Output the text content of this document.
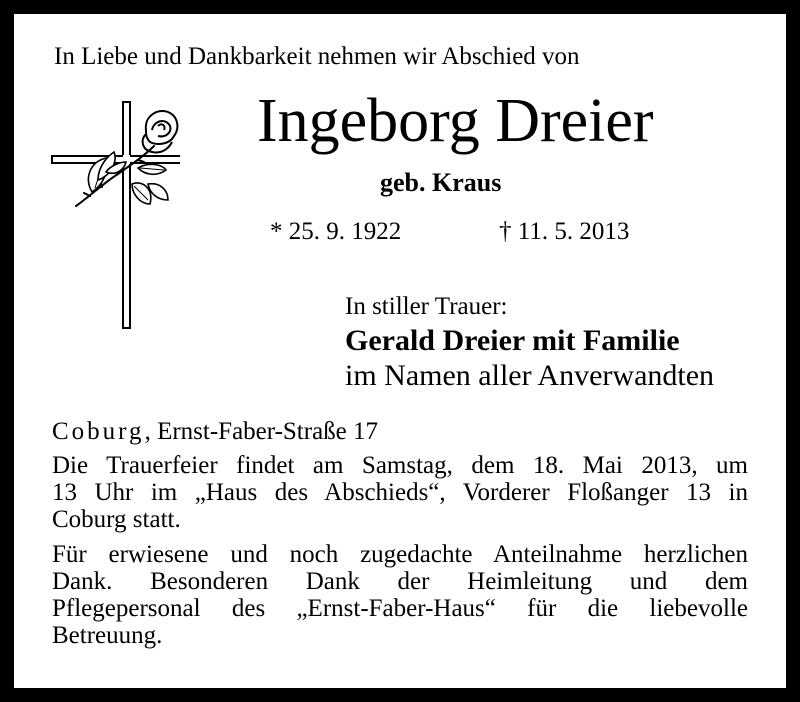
In Liebe und Dankbarkeit nehmen wir Abschied von
Ingeborg Dreier
geb. Kraus
* 25. 9. 1922	† 11. 5. 2013
In stiller Trauer:
Gerald Dreier mit Familie
im Namen aller Anverwandten
Coburg, Ernst-Faber-Straße 17
Die Trauerfeier findet am Samstag, dem 18. Mai 2013, um
13 Uhr im „Haus des Abschieds“, Vorderer Floßanger 13 in
Coburg statt.
Für erwiesene und noch zugedachte Anteilnahme herzlichen
Dank. Besonderen Dank der Heimleitung und dem
Pflegepersonal des „Ernst-Faber-Haus“ für die liebevolle
Betreuung.
